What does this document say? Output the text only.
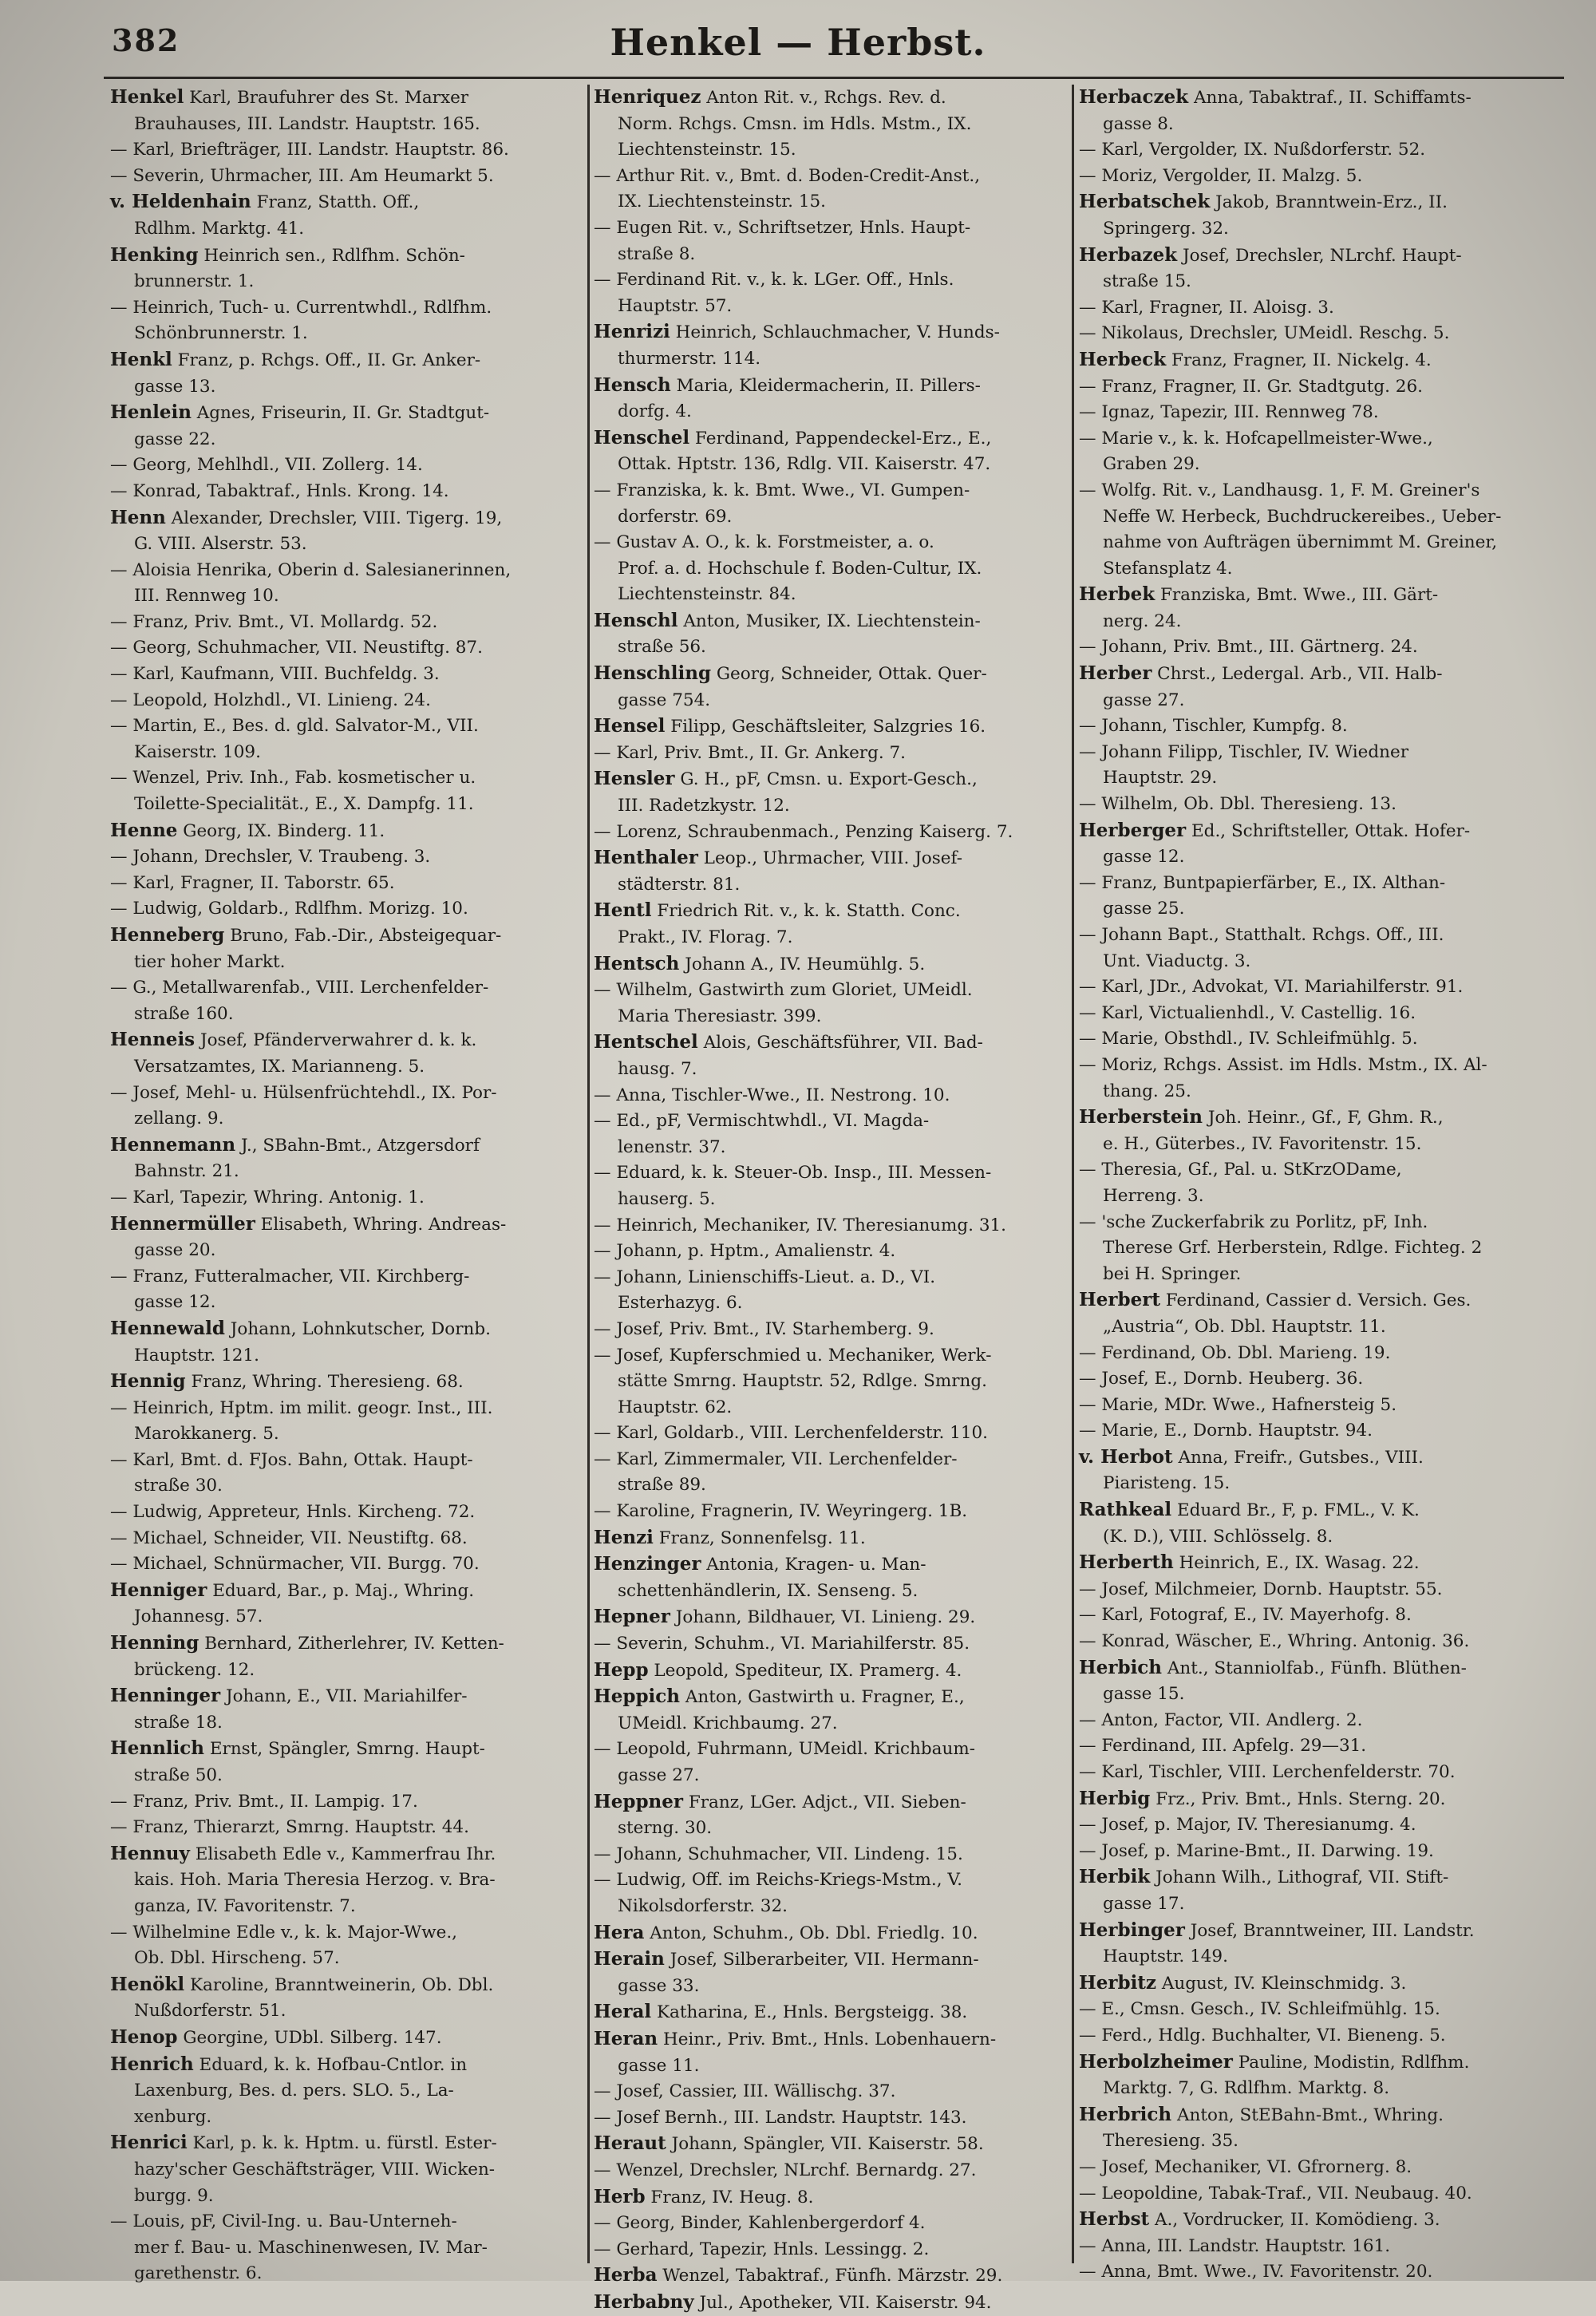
382	Henkel — Herbst.
Henkel Karl, Braufuhrer des St. Marxer
Brauhauses, III. Landstr. Hauptstr. 165.
— Karl, Briefträger, III. Landstr. Hauptstr. 86.
— Severin, Uhrmacher, III. Am Heumarkt 5.
v. Heldenhain Franz, Statth. Off.,
Rdlhm. Marktg. 41.
Henking Heinrich sen., Rdlfhm. Schön-
brunnerstr. 1.
— Heinrich, Tuch- u. Currentwhdl., Rdlfhm.
Schönbrunnerstr. 1.
Henkl Franz, p. Rchgs. Off., II. Gr. Anker-
gasse 13.
Henlein Agnes, Friseurin, II. Gr. Stadtgut-
gasse 22.
— Georg, Mehlhdl., VII. Zollerg. 14.
— Konrad, Tabaktraf., Hnls. Krong. 14.
Henn Alexander, Drechsler, VIII. Tigerg. 19,
G. VIII. Alserstr. 53.
— Aloisia Henrika, Oberin d. Salesianerinnen,
III. Rennweg 10.
— Franz, Priv. Bmt., VI. Mollardg. 52.
— Georg, Schuhmacher, VII. Neustiftg. 87.
— Karl, Kaufmann, VIII. Buchfeldg. 3.
— Leopold, Holzhdl., VI. Linieng. 24.
— Martin, E., Bes. d. gld. Salvator-M., VII.
Kaiserstr. 109.
— Wenzel, Priv. Inh., Fab. kosmetischer u.
Toilette-Specialität., E., X. Dampfg. 11.
Henne Georg, IX. Binderg. 11.
— Johann, Drechsler, V. Traubeng. 3.
— Karl, Fragner, II. Taborstr. 65.
— Ludwig, Goldarb., Rdlfhm. Morizg. 10.
Henneberg Bruno, Fab.-Dir., Absteigequar-
tier hoher Markt.
— G., Metallwarenfab., VIII. Lerchenfelder-
straße 160.
Henneis Josef, Pfänderverwahrer d. k. k.
Versatzamtes, IX. Marianneng. 5.
— Josef, Mehl- u. Hülsenfrüchtehdl., IX. Por-
zellang. 9.
Hennemann J., SBahn-Bmt., Atzgersdorf
Bahnstr. 21.
— Karl, Tapezir, Whring. Antonig. 1.
Hennermüller Elisabeth, Whring. Andreas-
gasse 20.
— Franz, Futteralmacher, VII. Kirchberg-
gasse 12.
Hennewald Johann, Lohnkutscher, Dornb.
Hauptstr. 121.
Hennig Franz, Whring. Theresieng. 68.
— Heinrich, Hptm. im milit. geogr. Inst., III.
Marokkanerg. 5.
— Karl, Bmt. d. FJos. Bahn, Ottak. Haupt-
straße 30.
— Ludwig, Appreteur, Hnls. Kircheng. 72.
— Michael, Schneider, VII. Neustiftg. 68.
— Michael, Schnürmacher, VII. Burgg. 70.
Henniger Eduard, Bar., p. Maj., Whring.
Johannesg. 57.
Henning Bernhard, Zitherlehrer, IV. Ketten-
brückeng. 12.
Henninger Johann, E., VII. Mariahilfer-
straße 18.
Hennlich Ernst, Spängler, Smrng. Haupt-
straße 50.
— Franz, Priv. Bmt., II. Lampig. 17.
— Franz, Thierarzt, Smrng. Hauptstr. 44.
Hennuy Elisabeth Edle v., Kammerfrau Ihr.
kais. Hoh. Maria Theresia Herzog. v. Bra-
ganza, IV. Favoritenstr. 7.
— Wilhelmine Edle v., k. k. Major-Wwe.,
Ob. Dbl. Hirscheng. 57.
Henökl Karoline, Branntweinerin, Ob. Dbl.
Nußdorferstr. 51.
Henop Georgine, UDbl. Silberg. 147.
Henrich Eduard, k. k. Hofbau-Cntlor. in
Laxenburg, Bes. d. pers. SLO. 5., La-
xenburg.
Henrici Karl, p. k. k. Hptm. u. fürstl. Ester-
hazy'scher Geschäftsträger, VIII. Wicken-
burgg. 9.
— Louis, pF, Civil-Ing. u. Bau-Unterneh-
mer f. Bau- u. Maschinenwesen, IV. Mar-
garethenstr. 6.
Henriquez Anton Rit. v., Rchgs. Rev. d.
Norm. Rchgs. Cmsn. im Hdls. Mstm., IX.
Liechtensteinstr. 15.
— Arthur Rit. v., Bmt. d. Boden-Credit-Anst.,
IX. Liechtensteinstr. 15.
— Eugen Rit. v., Schriftsetzer, Hnls. Haupt-
straße 8.
— Ferdinand Rit. v., k. k. LGer. Off., Hnls.
Hauptstr. 57.
Henrizi Heinrich, Schlauchmacher, V. Hunds-
thurmerstr. 114.
Hensch Maria, Kleidermacherin, II. Pillers-
dorfg. 4.
Henschel Ferdinand, Pappendeckel-Erz., E.,
Ottak. Hptstr. 136, Rdlg. VII. Kaiserstr. 47.
— Franziska, k. k. Bmt. Wwe., VI. Gumpen-
dorferstr. 69.
— Gustav A. O., k. k. Forstmeister, a. o.
Prof. a. d. Hochschule f. Boden-Cultur, IX.
Liechtensteinstr. 84.
Henschl Anton, Musiker, IX. Liechtenstein-
straße 56.
Henschling Georg, Schneider, Ottak. Quer-
gasse 754.
Hensel Filipp, Geschäftsleiter, Salzgries 16.
— Karl, Priv. Bmt., II. Gr. Ankerg. 7.
Hensler G. H., pF, Cmsn. u. Export-Gesch.,
III. Radetzkystr. 12.
— Lorenz, Schraubenmach., Penzing Kaiserg. 7.
Henthaler Leop., Uhrmacher, VIII. Josef-
städterstr. 81.
Hentl Friedrich Rit. v., k. k. Statth. Conc.
Prakt., IV. Florag. 7.
Hentsch Johann A., IV. Heumühlg. 5.
— Wilhelm, Gastwirth zum Gloriet, UMeidl.
Maria Theresiastr. 399.
Hentschel Alois, Geschäftsführer, VII. Bad-
hausg. 7.
— Anna, Tischler-Wwe., II. Nestrong. 10.
— Ed., pF, Vermischtwhdl., VI. Magda-
lenenstr. 37.
— Eduard, k. k. Steuer-Ob. Insp., III. Messen-
hauserg. 5.
— Heinrich, Mechaniker, IV. Theresianumg. 31.
— Johann, p. Hptm., Amalienstr. 4.
— Johann, Linienschiffs-Lieut. a. D., VI.
Esterhazyg. 6.
— Josef, Priv. Bmt., IV. Starhemberg. 9.
— Josef, Kupferschmied u. Mechaniker, Werk-
stätte Smrng. Hauptstr. 52, Rdlge. Smrng.
Hauptstr. 62.
— Karl, Goldarb., VIII. Lerchenfelderstr. 110.
— Karl, Zimmermaler, VII. Lerchenfelder-
straße 89.
— Karoline, Fragnerin, IV. Weyringerg. 1B.
Henzi Franz, Sonnenfelsg. 11.
Henzinger Antonia, Kragen- u. Man-
schettenhändlerin, IX. Senseng. 5.
Hepner Johann, Bildhauer, VI. Linieng. 29.
— Severin, Schuhm., VI. Mariahilferstr. 85.
Hepp Leopold, Spediteur, IX. Pramerg. 4.
Heppich Anton, Gastwirth u. Fragner, E.,
UMeidl. Krichbaumg. 27.
— Leopold, Fuhrmann, UMeidl. Krichbaum-
gasse 27.
Heppner Franz, LGer. Adjct., VII. Sieben-
sterng. 30.
— Johann, Schuhmacher, VII. Lindeng. 15.
— Ludwig, Off. im Reichs-Kriegs-Mstm., V.
Nikolsdorferstr. 32.
Hera Anton, Schuhm., Ob. Dbl. Friedlg. 10.
Herain Josef, Silberarbeiter, VII. Hermann-
gasse 33.
Heral Katharina, E., Hnls. Bergsteigg. 38.
Heran Heinr., Priv. Bmt., Hnls. Lobenhauern-
gasse 11.
— Josef, Cassier, III. Wällischg. 37.
— Josef Bernh., III. Landstr. Hauptstr. 143.
Heraut Johann, Spängler, VII. Kaiserstr. 58.
— Wenzel, Drechsler, NLrchf. Bernardg. 27.
Herb Franz, IV. Heug. 8.
— Georg, Binder, Kahlenbergerdorf 4.
— Gerhard, Tapezir, Hnls. Lessingg. 2.
Herba Wenzel, Tabaktraf., Fünfh. Märzstr. 29.
Herbabny Jul., Apotheker, VII. Kaiserstr. 94.
Herbaczek Anna, Tabaktraf., II. Schiffamts-
gasse 8.
— Karl, Vergolder, IX. Nußdorferstr. 52.
— Moriz, Vergolder, II. Malzg. 5.
Herbatschek Jakob, Branntwein-Erz., II.
Springerg. 32.
Herbazek Josef, Drechsler, NLrchf. Haupt-
straße 15.
— Karl, Fragner, II. Aloisg. 3.
— Nikolaus, Drechsler, UMeidl. Reschg. 5.
Herbeck Franz, Fragner, II. Nickelg. 4.
— Franz, Fragner, II. Gr. Stadtgutg. 26.
— Ignaz, Tapezir, III. Rennweg 78.
— Marie v., k. k. Hofcapellmeister-Wwe.,
Graben 29.
— Wolfg. Rit. v., Landhausg. 1, F. M. Greiner's
Neffe W. Herbeck, Buchdruckereibes., Ueber-
nahme von Aufträgen übernimmt M. Greiner,
Stefansplatz 4.
Herbek Franziska, Bmt. Wwe., III. Gärt-
nerg. 24.
— Johann, Priv. Bmt., III. Gärtnerg. 24.
Herber Chrst., Ledergal. Arb., VII. Halb-
gasse 27.
— Johann, Tischler, Kumpfg. 8.
— Johann Filipp, Tischler, IV. Wiedner
Hauptstr. 29.
— Wilhelm, Ob. Dbl. Theresieng. 13.
Herberger Ed., Schriftsteller, Ottak. Hofer-
gasse 12.
— Franz, Buntpapierfärber, E., IX. Althan-
gasse 25.
— Johann Bapt., Statthalt. Rchgs. Off., III.
Unt. Viaductg. 3.
— Karl, JDr., Advokat, VI. Mariahilferstr. 91.
— Karl, Victualienhdl., V. Castellig. 16.
— Marie, Obsthdl., IV. Schleifmühlg. 5.
— Moriz, Rchgs. Assist. im Hdls. Mstm., IX. Al-
thang. 25.
Herberstein Joh. Heinr., Gf., F, Ghm. R.,
e. H., Güterbes., IV. Favoritenstr. 15.
— Theresia, Gf., Pal. u. StKrzODame,
Herreng. 3.
— 'sche Zuckerfabrik zu Porlitz, pF, Inh.
Therese Grf. Herberstein, Rdlge. Fichteg. 2
bei H. Springer.
Herbert Ferdinand, Cassier d. Versich. Ges.
„Austria“, Ob. Dbl. Hauptstr. 11.
— Ferdinand, Ob. Dbl. Marieng. 19.
— Josef, E., Dornb. Heuberg. 36.
— Marie, MDr. Wwe., Hafnersteig 5.
— Marie, E., Dornb. Hauptstr. 94.
v. Herbot Anna, Freifr., Gutsbes., VIII.
Piaristeng. 15.
Rathkeal Eduard Br., F, p. FML., V. K.
(K. D.), VIII. Schlösselg. 8.
Herberth Heinrich, E., IX. Wasag. 22.
— Josef, Milchmeier, Dornb. Hauptstr. 55.
— Karl, Fotograf, E., IV. Mayerhofg. 8.
— Konrad, Wäscher, E., Whring. Antonig. 36.
Herbich Ant., Stanniolfab., Fünfh. Blüthen-
gasse 15.
— Anton, Factor, VII. Andlerg. 2.
— Ferdinand, III. Apfelg. 29—31.
— Karl, Tischler, VIII. Lerchenfelderstr. 70.
Herbig Frz., Priv. Bmt., Hnls. Sterng. 20.
— Josef, p. Major, IV. Theresianumg. 4.
— Josef, p. Marine-Bmt., II. Darwing. 19.
Herbik Johann Wilh., Lithograf, VII. Stift-
gasse 17.
Herbinger Josef, Branntweiner, III. Landstr.
Hauptstr. 149.
Herbitz August, IV. Kleinschmidg. 3.
— E., Cmsn. Gesch., IV. Schleifmühlg. 15.
— Ferd., Hdlg. Buchhalter, VI. Bieneng. 5.
Herbolzheimer Pauline, Modistin, Rdlfhm.
Marktg. 7, G. Rdlfhm. Marktg. 8.
Herbrich Anton, StEBahn-Bmt., Whring.
Theresieng. 35.
— Josef, Mechaniker, VI. Gfrornerg. 8.
— Leopoldine, Tabak-Traf., VII. Neubaug. 40.
Herbst A., Vordrucker, II. Komödieng. 3.
— Anna, III. Landstr. Hauptstr. 161.
— Anna, Bmt. Wwe., IV. Favoritenstr. 20.
